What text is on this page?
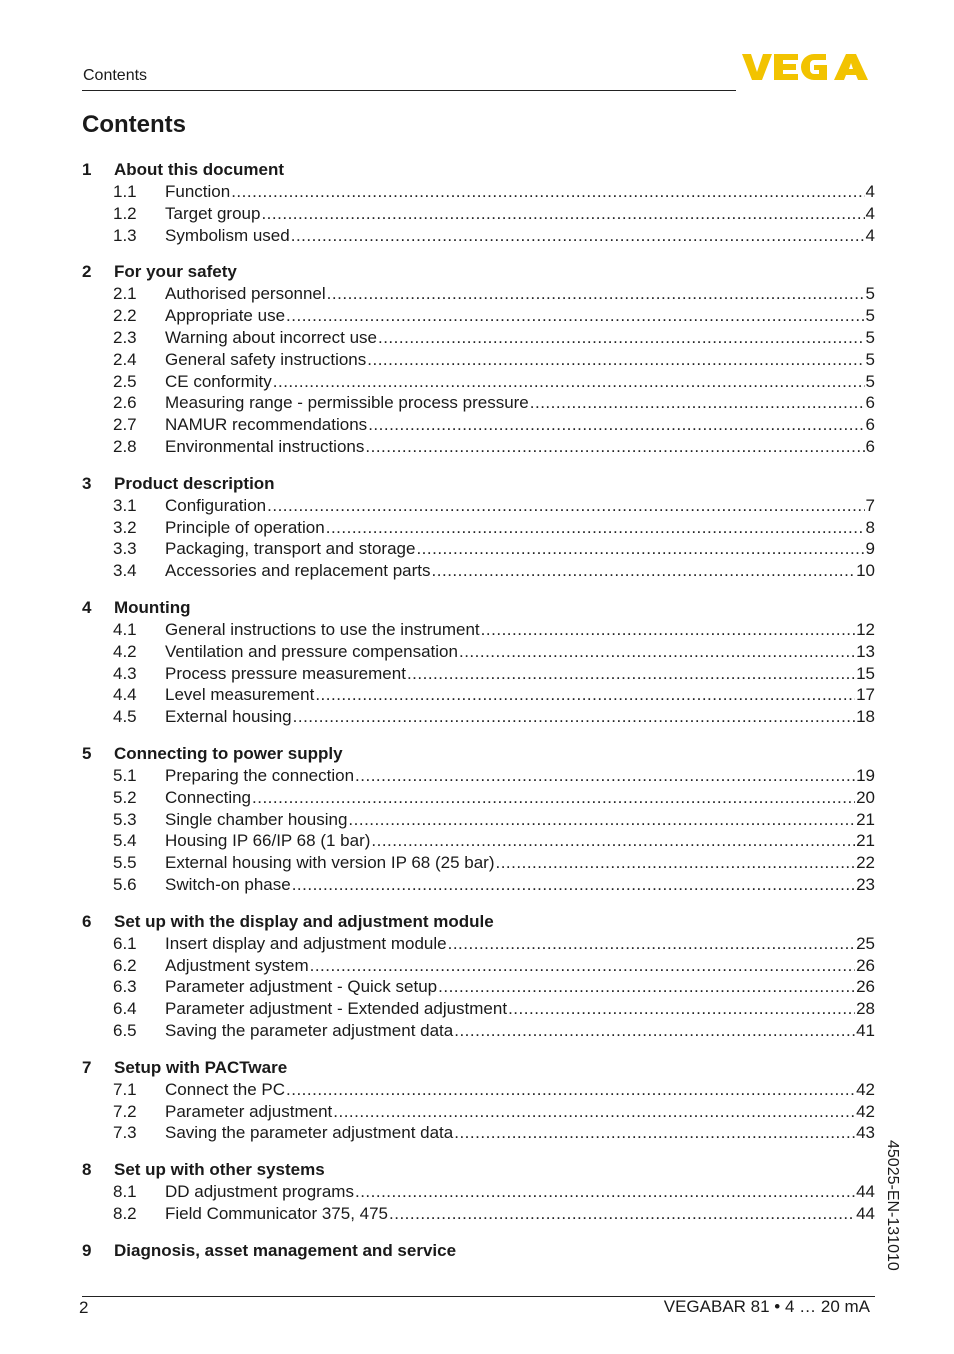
Contents
Contents
1	About this document
1.1	Function .....	4
1.2	Target group .....	4
1.3	Symbolism used .....	4
2	For your safety
2.1	Authorised personnel .....	5
2.2	Appropriate use .....	5
2.3	Warning about incorrect use .....	5
2.4	General safety instructions .....	5
2.5	CE conformity .....	5
2.6	Measuring range - permissible process pressure .....	6
2.7	NAMUR recommendations .....	6
2.8	Environmental instructions .....	6
3	Product description
3.1	Configuration .....	7
3.2	Principle of operation .....	8
3.3	Packaging, transport and storage .....	9
3.4	Accessories and replacement parts .....	10
4	Mounting
4.1	General instructions to use the instrument .....	12
4.2	Ventilation and pressure compensation .....	13
4.3	Process pressure measurement .....	15
4.4	Level measurement .....	17
4.5	External housing .....	18
5	Connecting to power supply
5.1	Preparing the connection .....	19
5.2	Connecting .....	20
5.3	Single chamber housing .....	21
5.4	Housing IP 66/IP 68 (1 bar) .....	21
5.5	External housing with version IP 68 (25 bar) .....	22
5.6	Switch-on phase .....	23
6	Set up with the display and adjustment module
6.1	Insert display and adjustment module .....	25
6.2	Adjustment system .....	26
6.3	Parameter adjustment - Quick setup .....	26
6.4	Parameter adjustment - Extended adjustment .....	28
6.5	Saving the parameter adjustment data .....	41
7	Setup with PACTware
7.1	Connect the PC .....	42
7.2	Parameter adjustment .....	42
7.3	Saving the parameter adjustment data .....	43
8	Set up with other systems
8.1	DD adjustment programs .....	44
8.2	Field Communicator 375, 475 .....	44
9	Diagnosis, asset management and service
2	VEGABAR 81 • 4 … 20 mA
45025-EN-131010
